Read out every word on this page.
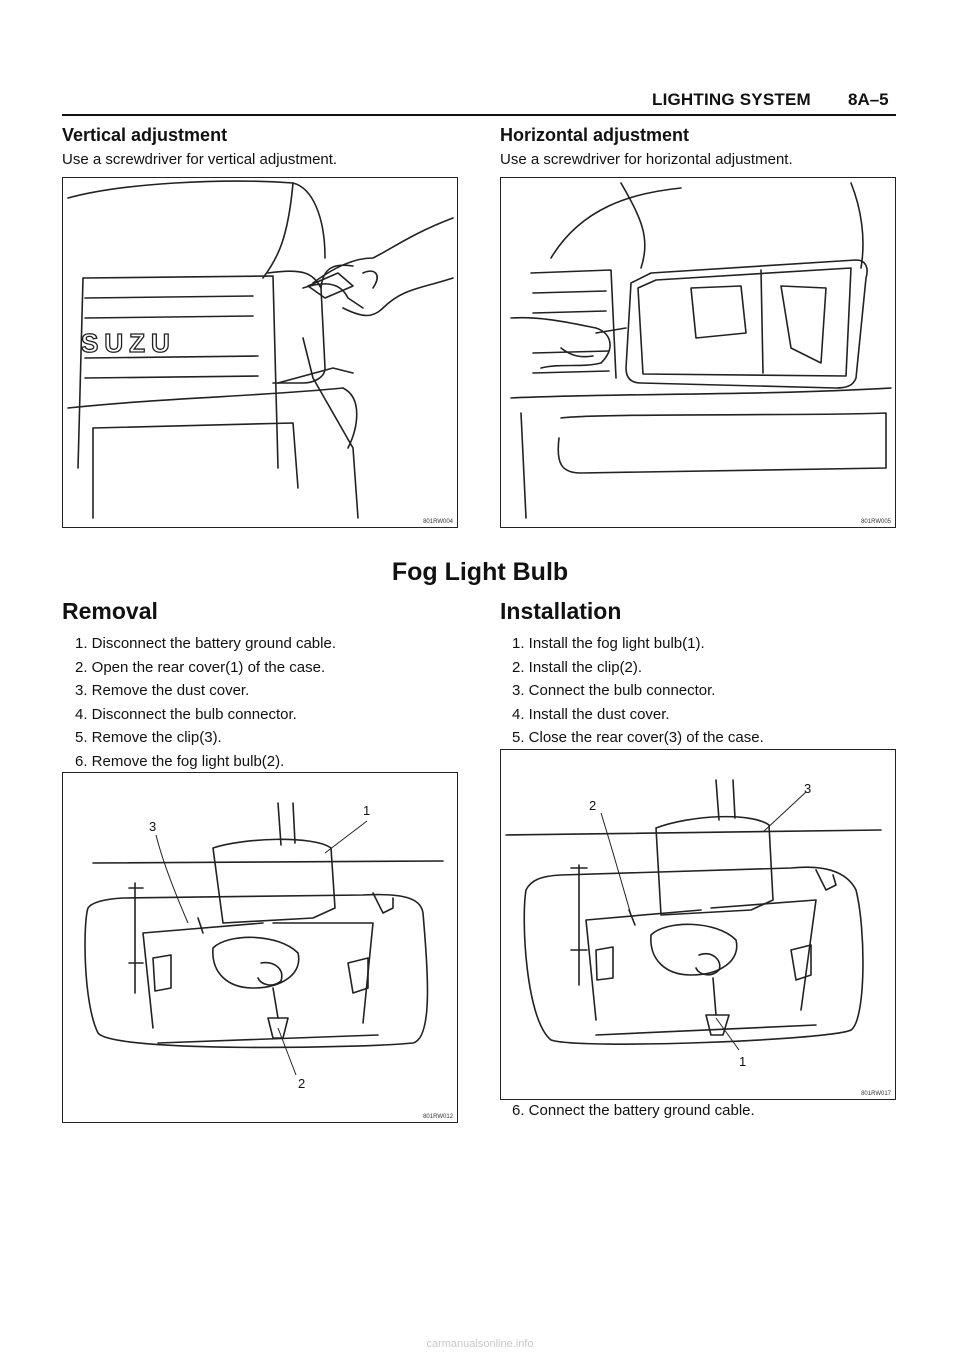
LIGHTING SYSTEM 8A–5
Vertical adjustment
Use a screwdriver for vertical adjustment.
801RW004
SUZU
Horizontal adjustment
Use a screwdriver for horizontal adjustment.
801RW005
Fog Light Bulb
Removal
1. Disconnect the battery ground cable.
2. Open the rear cover(1) of the case.
3. Remove the dust cover.
4. Disconnect the bulb connector.
5. Remove the clip(3).
6. Remove the fog light bulb(2).
1
2
3
801RW012
Installation
1. Install the fog light bulb(1).
2. Install the clip(2).
3. Connect the bulb connector.
4. Install the dust cover.
5. Close the rear cover(3) of the case.
2
3
1
801RW017
6. Connect the battery ground cable.
carmanualsonline.info
